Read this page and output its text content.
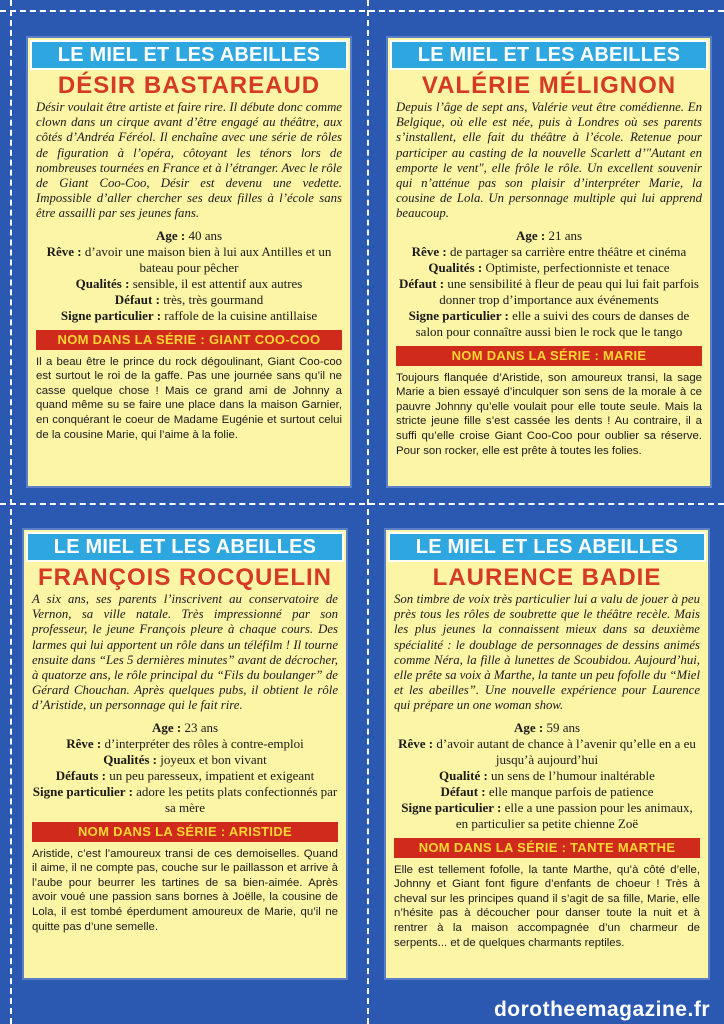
LE MIEL ET LES ABEILLES
DÉSIR BASTAREAUD
Désir voulait être artiste et faire rire. Il débute donc comme clown dans un cirque avant d’être engagé au théâtre, aux côtés d’Andréa Féréol. Il enchaîne avec une série de rôles de figuration à l’opéra, côtoyant les ténors lors de nombreuses tournées en France et à l’étranger. Avec le rôle de Giant Coo-Coo, Désir est devenu une vedette. Impossible d’aller chercher ses deux filles à l’école sans être assailli par ses jeunes fans.
Age : 40 ans
Rêve : d’avoir une maison bien à lui aux Antilles et un bateau pour pêcher
Qualités : sensible, il est attentif aux autres
Défaut : très, très gourmand
Signe particulier : raffole de la cuisine antillaise
NOM DANS LA SÉRIE : GIANT COO-COO
Il a beau être le prince du rock dégoulinant, Giant Coo-coo est surtout le roi de la gaffe. Pas une journée sans qu’il ne casse quelque chose ! Mais ce grand ami de Johnny a quand même su se faire une place dans la maison Garnier, en conquérant le coeur de Madame Eugénie et surtout celui de la cousine Marie, qui l’aime à la folie.
LE MIEL ET LES ABEILLES
VALÉRIE MÉLIGNON
Depuis l’âge de sept ans, Valérie veut être comédienne. En Belgique, où elle est née, puis à Londres où ses parents s’installent, elle fait du théâtre à l’école. Retenue pour participer au casting de la nouvelle Scarlett d’"Autant en emporte le vent", elle frôle le rôle. Un excellent souvenir qui n’atténue pas son plaisir d’interpréter Marie, la cousine de Lola. Un personnage multiple qui lui apprend beaucoup.
Age : 21 ans
Rêve : de partager sa carrière entre théâtre et cinéma
Qualités : Optimiste, perfectionniste et tenace
Défaut : une sensibilité à fleur de peau qui lui fait parfois donner trop d’importance aux événements
Signe particulier : elle a suivi des cours de danses de salon pour connaître aussi bien le rock que le tango
NOM DANS LA SÉRIE : MARIE
Toujours flanquée d’Aristide, son amoureux transi, la sage Marie a bien essayé d’inculquer son sens de la morale à ce pauvre Johnny qu’elle voulait pour elle toute seule. Mais la stricte jeune fille s’est cassée les dents ! Au contraire, il a suffi qu’elle croise Giant Coo-Coo pour oublier sa réserve. Pour son rocker, elle est prête à toutes les folies.
LE MIEL ET LES ABEILLES
FRANÇOIS ROCQUELIN
A six ans, ses parents l’inscrivent au conservatoire de Vernon, sa ville natale. Très impressionné par son professeur, le jeune François pleure à chaque cours. Des larmes qui lui apportent un rôle dans un téléfilm ! Il tourne ensuite dans “Les 5 dernières minutes” avant de décrocher, à quatorze ans, le rôle principal du “Fils du boulanger” de Gérard Chouchan. Après quelques pubs, il obtient le rôle d’Aristide, un personnage qui le fait rire.
Age : 23 ans
Rêve : d’interpréter des rôles à contre-emploi
Qualités : joyeux et bon vivant
Défauts : un peu paresseux, impatient et exigeant
Signe particulier : adore les petits plats confectionnés par sa mère
NOM DANS LA SÉRIE : ARISTIDE
Aristide, c’est l’amoureux transi de ces demoiselles. Quand il aime, il ne compte pas, couche sur le paillasson et arrive à l’aube pour beurrer les tartines de sa bien-aimée. Après avoir voué une passion sans bornes à Joëlle, la cousine de Lola, il est tombé éperdument amoureux de Marie, qu’il ne quitte pas d’une semelle.
LE MIEL ET LES ABEILLES
LAURENCE BADIE
Son timbre de voix très particulier lui a valu de jouer à peu près tous les rôles de soubrette que le théâtre recèle. Mais les plus jeunes la connaissent mieux dans sa deuxième spécialité : le doublage de personnages de dessins animés comme Néra, la fille à lunettes de Scoubidou. Aujourd’hui, elle prête sa voix à Marthe, la tante un peu fofolle du “Miel et les abeilles”. Une nouvelle expérience pour Laurence qui prépare un one woman show.
Age : 59 ans
Rêve : d’avoir autant de chance à l’avenir qu’elle en a eu jusqu’à aujourd’hui
Qualité : un sens de l’humour inaltérable
Défaut : elle manque parfois de patience
Signe particulier : elle a une passion pour les animaux, en particulier sa petite chienne Zoë
NOM DANS LA SÉRIE : TANTE MARTHE
Elle est tellement fofolle, la tante Marthe, qu’à côté d’elle, Johnny et Giant font figure d’enfants de choeur ! Très à cheval sur les principes quand il s’agit de sa fille, Marie, elle n’hésite pas à découcher pour danser toute la nuit et à rentrer à la maison accompagnée d’un charmeur de serpents... et de quelques charmants reptiles.
dorotheemagazine.fr
